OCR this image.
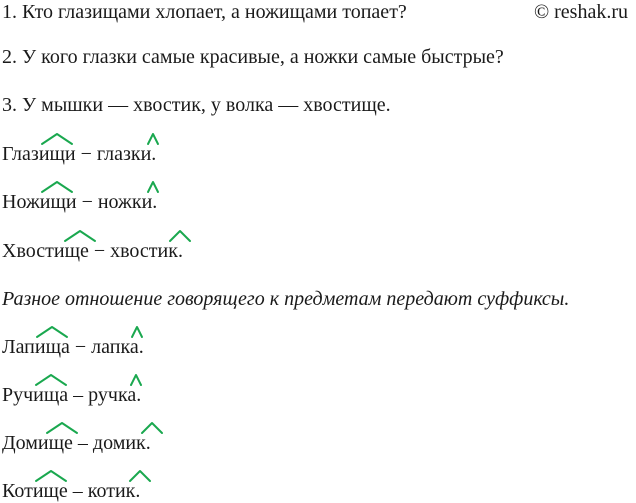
© reshak.ru
1. Кто глазищами хлопает, а ножищами топает?
2. У кого глазки самые красивые, а ножки самые быстрые?
3. У мышки — хвостик, у волка — хвостище.
Глазищи − глазки.
Ножищи − ножки.
Хвостище − хвостик.
Разное отношение говорящего к предметам передают суффиксы.
Лапища − лапка.
Ручища – ручка.
Домище – домик.
Котище – котик.
